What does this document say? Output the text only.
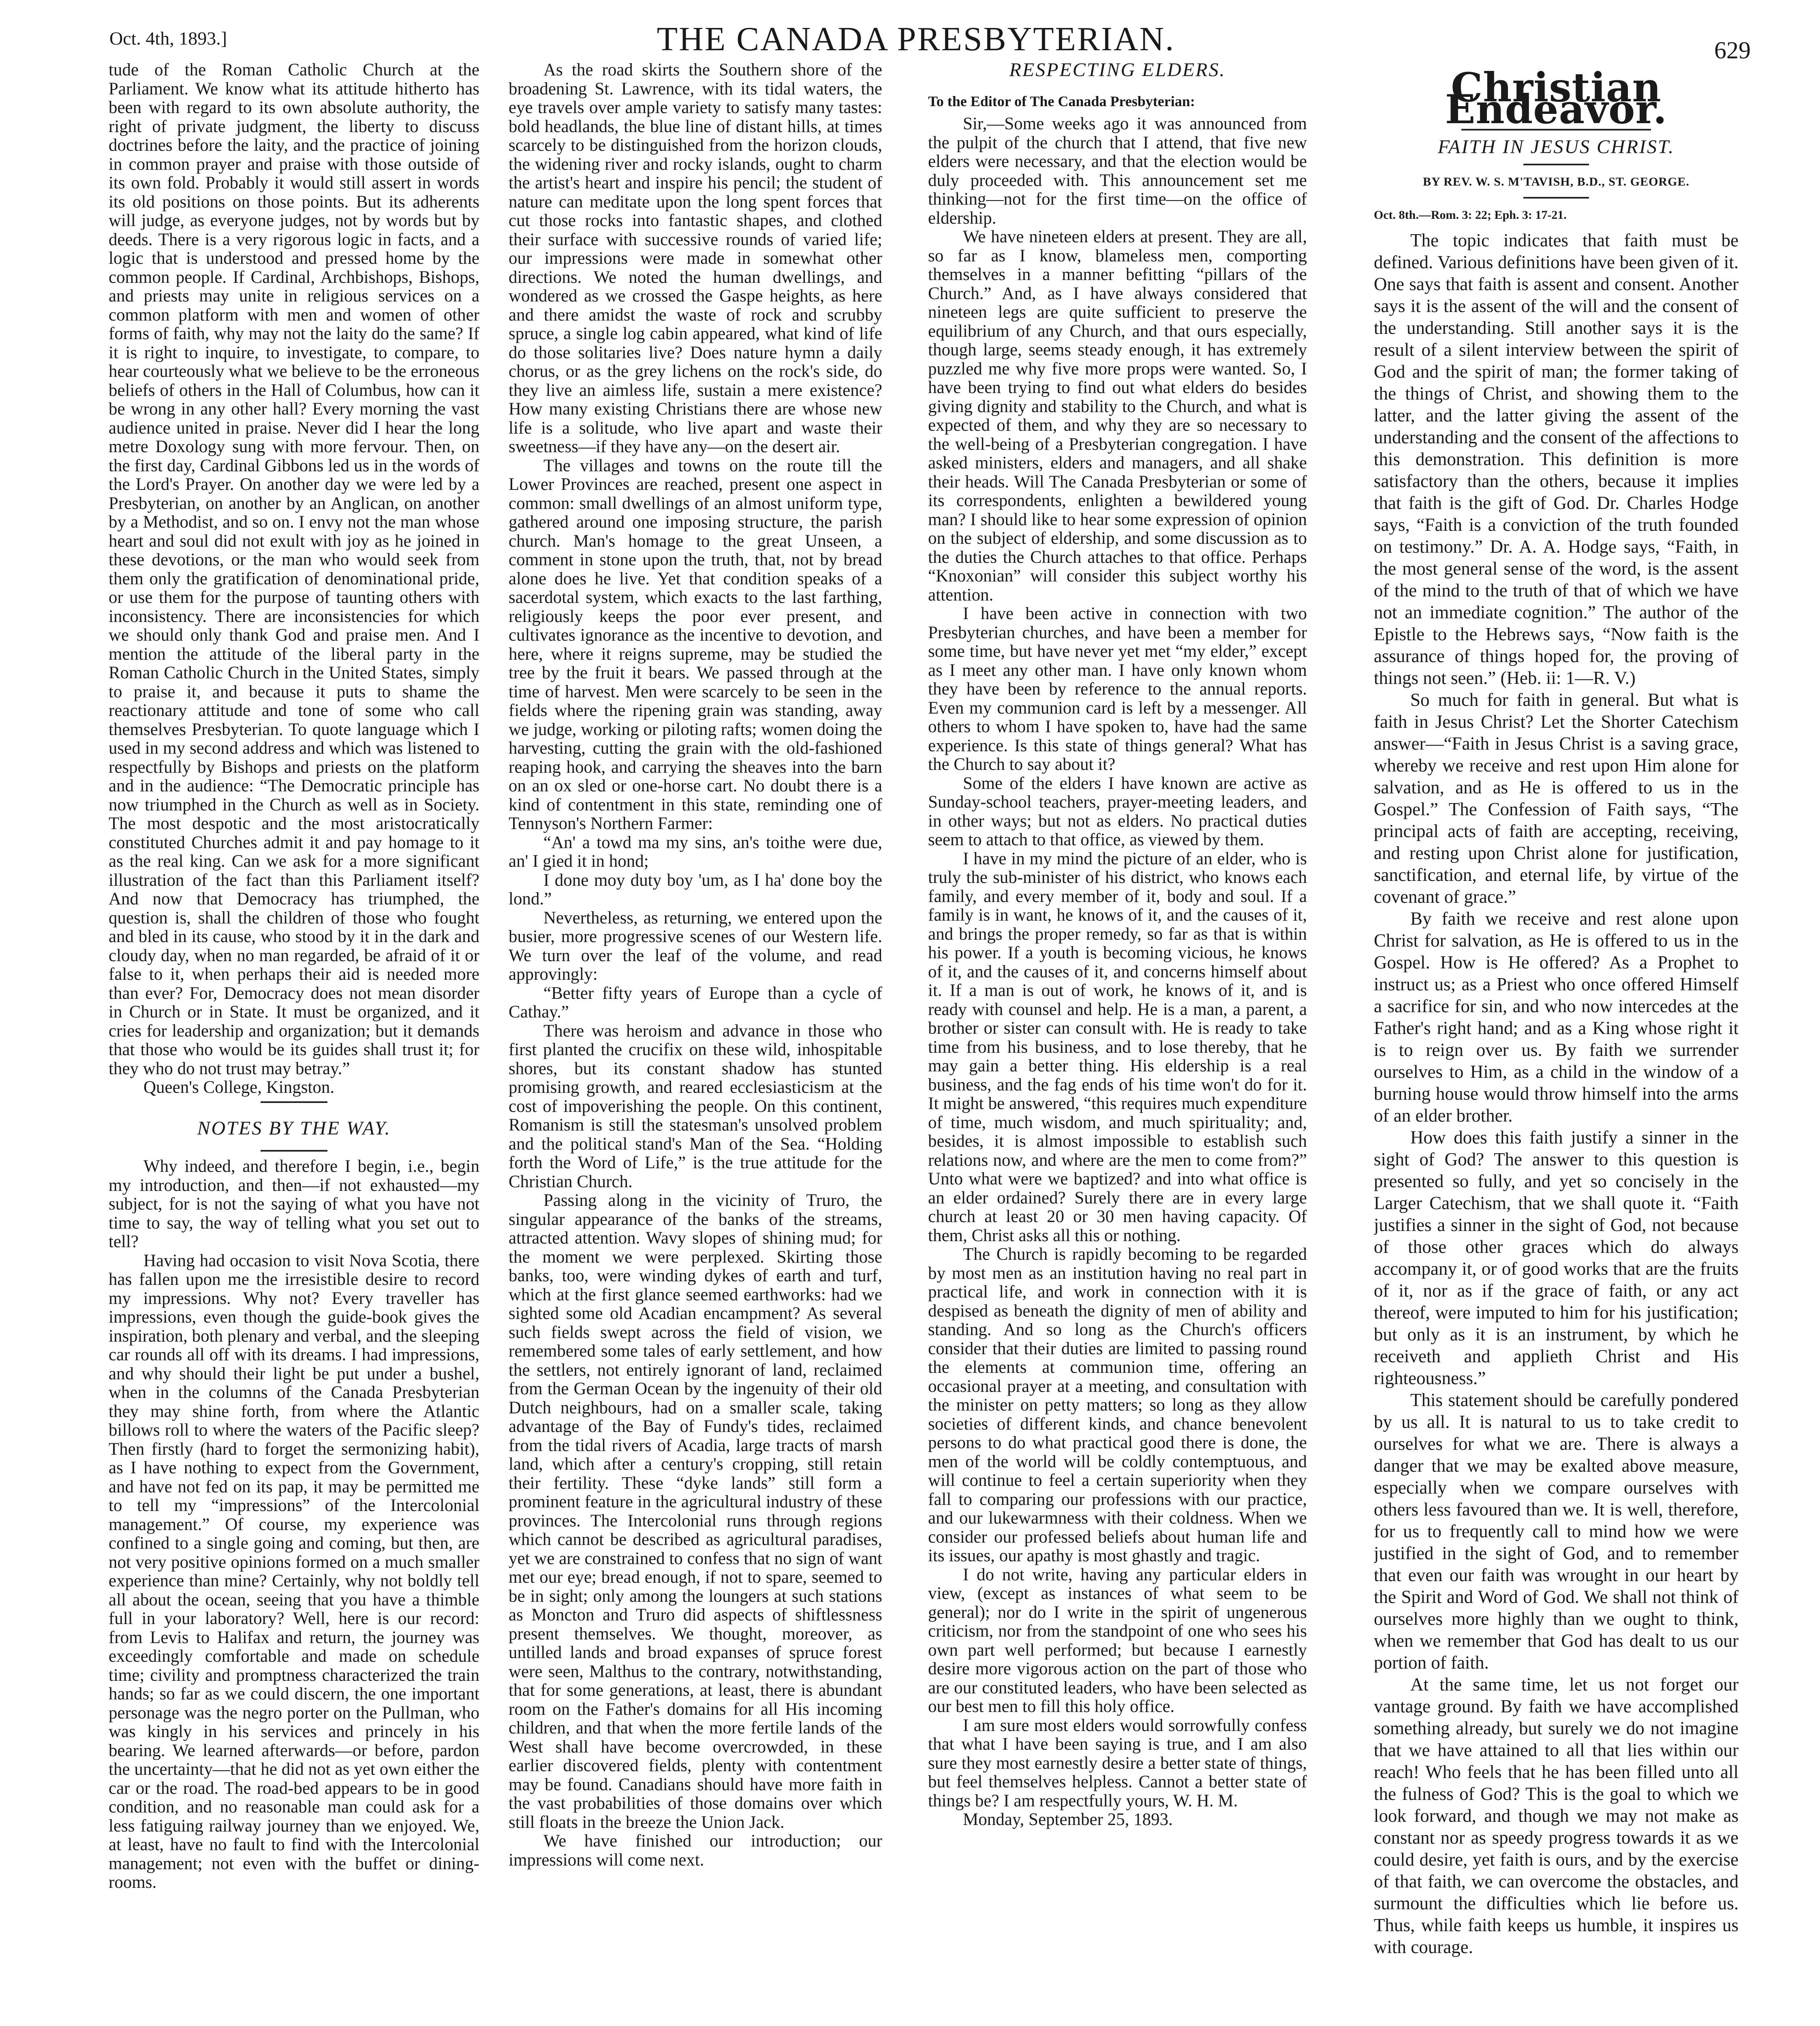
Oct. 4th, 1893.]	THE CANADA PRESBYTERIAN.	629

tude of the Roman Catholic Church at the Parliament. We know what its attitude hitherto has been with regard to its own absolute authority, the right of private judgment, the liberty to discuss doctrines before the laity, and the practice of joining in common prayer and praise with those outside of its own fold. Probably it would still assert in words its old positions on those points. But its adherents will judge, as everyone judges, not by words but by deeds. There is a very rigorous logic in facts, and a logic that is understood and pressed home by the common people. If Cardinal, Archbishops, Bishops, and priests may unite in religious services on a common platform with men and women of other forms of faith, why may not the laity do the same? If it is right to inquire, to investigate, to compare, to hear courteously what we believe to be the erroneous beliefs of others in the Hall of Columbus, how can it be wrong in any other hall? Every morning the vast audience united in praise. Never did I hear the long metre Doxology sung with more fervour. Then, on the first day, Cardinal Gibbons led us in the words of the Lord's Prayer. On another day we were led by a Presbyterian, on another by an Anglican, on another by a Methodist, and so on. I envy not the man whose heart and soul did not exult with joy as he joined in these devotions, or the man who would seek from them only the gratification of denominational pride, or use them for the purpose of taunting others with inconsistency. There are inconsistencies for which we should only thank God and praise men. And I mention the attitude of the liberal party in the Roman Catholic Church in the United States, simply to praise it, and because it puts to shame the reactionary attitude and tone of some who call themselves Presbyterian. To quote language which I used in my second address and which was listened to respectfully by Bishops and priests on the platform and in the audience: “The Democratic principle has now triumphed in the Church as well as in Society. The most despotic and the most aristocratically constituted Churches admit it and pay homage to it as the real king. Can we ask for a more significant illustration of the fact than this Parliament itself? And now that Democracy has triumphed, the question is, shall the children of those who fought and bled in its cause, who stood by it in the dark and cloudy day, when no man regarded, be afraid of it or false to it, when perhaps their aid is needed more than ever? For, Democracy does not mean disorder in Church or in State. It must be organized, and it cries for leadership and organization; but it demands that those who would be its guides shall trust it; for they who do not trust may betray.”

Queen's College, Kingston.

NOTES BY THE WAY.

Why indeed, and therefore I begin, i.e., begin my introduction, and then—if not exhausted—my subject, for is not the saying of what you have not time to say, the way of telling what you set out to tell?

Having had occasion to visit Nova Scotia, there has fallen upon me the irresistible desire to record my impressions. Why not? Every traveller has impressions, even though the guide-book gives the inspiration, both plenary and verbal, and the sleeping car rounds all off with its dreams. I had impressions, and why should their light be put under a bushel, when in the columns of the Canada Presbyterian they may shine forth, from where the Atlantic billows roll to where the waters of the Pacific sleep? Then firstly (hard to forget the sermonizing habit), as I have nothing to expect from the Government, and have not fed on its pap, it may be permitted me to tell my “impressions” of the Intercolonial management.” Of course, my experience was confined to a single going and coming, but then, are not very positive opinions formed on a much smaller experience than mine? Certainly, why not boldly tell all about the ocean, seeing that you have a thimble full in your laboratory? Well, here is our record: from Levis to Halifax and return, the journey was exceedingly comfortable and made on schedule time; civility and promptness characterized the train hands; so far as we could discern, the one important personage was the negro porter on the Pullman, who was kingly in his services and princely in his bearing. We learned afterwards—or before, pardon the uncertainty—that he did not as yet own either the car or the road. The road-bed appears to be in good condition, and no reasonable man could ask for a less fatiguing railway journey than we enjoyed. We, at least, have no fault to find with the Intercolonial management; not even with the buffet or dining-rooms.

As the road skirts the Southern shore of the broadening St. Lawrence, with its tidal waters, the eye travels over ample variety to satisfy many tastes: bold headlands, the blue line of distant hills, at times scarcely to be distinguished from the horizon clouds, the widening river and rocky islands, ought to charm the artist's heart and inspire his pencil; the student of nature can meditate upon the long spent forces that cut those rocks into fantastic shapes, and clothed their surface with successive rounds of varied life; our impressions were made in somewhat other directions. We noted the human dwellings, and wondered as we crossed the Gaspe heights, as here and there amidst the waste of rock and scrubby spruce, a single log cabin appeared, what kind of life do those solitaries live? Does nature hymn a daily chorus, or as the grey lichens on the rock's side, do they live an aimless life, sustain a mere existence? How many existing Christians there are whose new life is a solitude, who live apart and waste their sweetness—if they have any—on the desert air.

The villages and towns on the route till the Lower Provinces are reached, present one aspect in common: small dwellings of an almost uniform type, gathered around one imposing structure, the parish church. Man's homage to the great Unseen, a comment in stone upon the truth, that, not by bread alone does he live. Yet that condition speaks of a sacerdotal system, which exacts to the last farthing, religiously keeps the poor ever present, and cultivates ignorance as the incentive to devotion, and here, where it reigns supreme, may be studied the tree by the fruit it bears. We passed through at the time of harvest. Men were scarcely to be seen in the fields where the ripening grain was standing, away we judge, working or piloting rafts; women doing the harvesting, cutting the grain with the old-fashioned reaping hook, and carrying the sheaves into the barn on an ox sled or one-horse cart. No doubt there is a kind of contentment in this state, reminding one of Tennyson's Northern Farmer:

“An' a towd ma my sins, an's toithe were due, an' I gied it in hond;

I done moy duty boy 'um, as I ha' done boy the lond.”

Nevertheless, as returning, we entered upon the busier, more progressive scenes of our Western life. We turn over the leaf of the volume, and read approvingly:

“Better fifty years of Europe than a cycle of Cathay.”

There was heroism and advance in those who first planted the crucifix on these wild, inhospitable shores, but its constant shadow has stunted promising growth, and reared ecclesiasticism at the cost of impoverishing the people. On this continent, Romanism is still the statesman's unsolved problem and the political stand's Man of the Sea. “Holding forth the Word of Life,” is the true attitude for the Christian Church.

Passing along in the vicinity of Truro, the singular appearance of the banks of the streams, attracted attention. Wavy slopes of shining mud; for the moment we were perplexed. Skirting those banks, too, were winding dykes of earth and turf, which at the first glance seemed earthworks: had we sighted some old Acadian encampment? As several such fields swept across the field of vision, we remembered some tales of early settlement, and how the settlers, not entirely ignorant of land, reclaimed from the German Ocean by the ingenuity of their old Dutch neighbours, had on a smaller scale, taking advantage of the Bay of Fundy's tides, reclaimed from the tidal rivers of Acadia, large tracts of marsh land, which after a century's cropping, still retain their fertility. These “dyke lands” still form a prominent feature in the agricultural industry of these provinces. The Intercolonial runs through regions which cannot be described as agricultural paradises, yet we are constrained to confess that no sign of want met our eye; bread enough, if not to spare, seemed to be in sight; only among the loungers at such stations as Moncton and Truro did aspects of shiftlessness present themselves. We thought, moreover, as untilled lands and broad expanses of spruce forest were seen, Malthus to the contrary, notwithstanding, that for some generations, at least, there is abundant room on the Father's domains for all His incoming children, and that when the more fertile lands of the West shall have become overcrowded, in these earlier discovered fields, plenty with contentment may be found. Canadians should have more faith in the vast probabilities of those domains over which still floats in the breeze the Union Jack.

We have finished our introduction; our impressions will come next.

RESPECTING ELDERS.
To the Editor of The Canada Presbyterian:

Sir,—Some weeks ago it was announced from the pulpit of the church that I attend, that five new elders were necessary, and that the election would be duly proceeded with. This announcement set me thinking—not for the first time—on the office of eldership.

We have nineteen elders at present. They are all, so far as I know, blameless men, comporting themselves in a manner befitting “pillars of the Church.” And, as I have always considered that nineteen legs are quite sufficient to preserve the equilibrium of any Church, and that ours especially, though large, seems steady enough, it has extremely puzzled me why five more props were wanted. So, I have been trying to find out what elders do besides giving dignity and stability to the Church, and what is expected of them, and why they are so necessary to the well-being of a Presbyterian congregation. I have asked ministers, elders and managers, and all shake their heads. Will The Canada Presbyterian or some of its correspondents, enlighten a bewildered young man? I should like to hear some expression of opinion on the subject of eldership, and some discussion as to the duties the Church attaches to that office. Perhaps “Knoxonian” will consider this subject worthy his attention.

I have been active in connection with two Presbyterian churches, and have been a member for some time, but have never yet met “my elder,” except as I meet any other man. I have only known whom they have been by reference to the annual reports. Even my communion card is left by a messenger. All others to whom I have spoken to, have had the same experience. Is this state of things general? What has the Church to say about it?

Some of the elders I have known are active as Sunday-school teachers, prayer-meeting leaders, and in other ways; but not as elders. No practical duties seem to attach to that office, as viewed by them.

I have in my mind the picture of an elder, who is truly the sub-minister of his district, who knows each family, and every member of it, body and soul. If a family is in want, he knows of it, and the causes of it, and brings the proper remedy, so far as that is within his power. If a youth is becoming vicious, he knows of it, and the causes of it, and concerns himself about it. If a man is out of work, he knows of it, and is ready with counsel and help. He is a man, a parent, a brother or sister can consult with. He is ready to take time from his business, and to lose thereby, that he may gain a better thing. His eldership is a real business, and the fag ends of his time won't do for it. It might be answered, “this requires much expenditure of time, much wisdom, and much spirituality; and, besides, it is almost impossible to establish such relations now, and where are the men to come from?” Unto what were we baptized? and into what office is an elder ordained? Surely there are in every large church at least 20 or 30 men having capacity. Of them, Christ asks all this or nothing.

The Church is rapidly becoming to be regarded by most men as an institution having no real part in practical life, and work in connection with it is despised as beneath the dignity of men of ability and standing. And so long as the Church's officers consider that their duties are limited to passing round the elements at communion time, offering an occasional prayer at a meeting, and consultation with the minister on petty matters; so long as they allow societies of different kinds, and chance benevolent persons to do what practical good there is done, the men of the world will be coldly contemptuous, and will continue to feel a certain superiority when they fall to comparing our professions with our practice, and our lukewarmness with their coldness. When we consider our professed beliefs about human life and its issues, our apathy is most ghastly and tragic.

I do not write, having any particular elders in view, (except as instances of what seem to be general); nor do I write in the spirit of ungenerous criticism, nor from the standpoint of one who sees his own part well performed; but because I earnestly desire more vigorous action on the part of those who are our constituted leaders, who have been selected as our best men to fill this holy office.

I am sure most elders would sorrowfully confess that what I have been saying is true, and I am also sure they most earnestly desire a better state of things, but feel themselves helpless. Cannot a better state of things be? I am respectfully yours, W. H. M.

Monday, September 25, 1893.

Christian Endeavor.
FAITH IN JESUS CHRIST.
BY REV. W. S. M'TAVISH, B.D., ST. GEORGE.
Oct. 8th.—Rom. 3: 22; Eph. 3: 17-21.

The topic indicates that faith must be defined. Various definitions have been given of it. One says that faith is assent and consent. Another says it is the assent of the will and the consent of the understanding. Still another says it is the result of a silent interview between the spirit of God and the spirit of man; the former taking of the things of Christ, and showing them to the latter, and the latter giving the assent of the understanding and the consent of the affections to this demonstration. This definition is more satisfactory than the others, because it implies that faith is the gift of God. Dr. Charles Hodge says, “Faith is a conviction of the truth founded on testimony.” Dr. A. A. Hodge says, “Faith, in the most general sense of the word, is the assent of the mind to the truth of that of which we have not an immediate cognition.” The author of the Epistle to the Hebrews says, “Now faith is the assurance of things hoped for, the proving of things not seen.” (Heb. ii: 1—R. V.)

So much for faith in general. But what is faith in Jesus Christ? Let the Shorter Catechism answer—“Faith in Jesus Christ is a saving grace, whereby we receive and rest upon Him alone for salvation, and as He is offered to us in the Gospel.” The Confession of Faith says, “The principal acts of faith are accepting, receiving, and resting upon Christ alone for justification, sanctification, and eternal life, by virtue of the covenant of grace.”

By faith we receive and rest alone upon Christ for salvation, as He is offered to us in the Gospel. How is He offered? As a Prophet to instruct us; as a Priest who once offered Himself a sacrifice for sin, and who now intercedes at the Father's right hand; and as a King whose right it is to reign over us. By faith we surrender ourselves to Him, as a child in the window of a burning house would throw himself into the arms of an elder brother.

How does this faith justify a sinner in the sight of God? The answer to this question is presented so fully, and yet so concisely in the Larger Catechism, that we shall quote it. “Faith justifies a sinner in the sight of God, not because of those other graces which do always accompany it, or of good works that are the fruits of it, nor as if the grace of faith, or any act thereof, were imputed to him for his justification; but only as it is an instrument, by which he receiveth and applieth Christ and His righteousness.”

This statement should be carefully pondered by us all. It is natural to us to take credit to ourselves for what we are. There is always a danger that we may be exalted above measure, especially when we compare ourselves with others less favoured than we. It is well, therefore, for us to frequently call to mind how we were justified in the sight of God, and to remember that even our faith was wrought in our heart by the Spirit and Word of God. We shall not think of ourselves more highly than we ought to think, when we remember that God has dealt to us our portion of faith.

At the same time, let us not forget our vantage ground. By faith we have accomplished something already, but surely we do not imagine that we have attained to all that lies within our reach! Who feels that he has been filled unto all the fulness of God? This is the goal to which we look forward, and though we may not make as constant nor as speedy progress towards it as we could desire, yet faith is ours, and by the exercise of that faith, we can overcome the obstacles, and surmount the difficulties which lie before us. Thus, while faith keeps us humble, it inspires us with courage.
